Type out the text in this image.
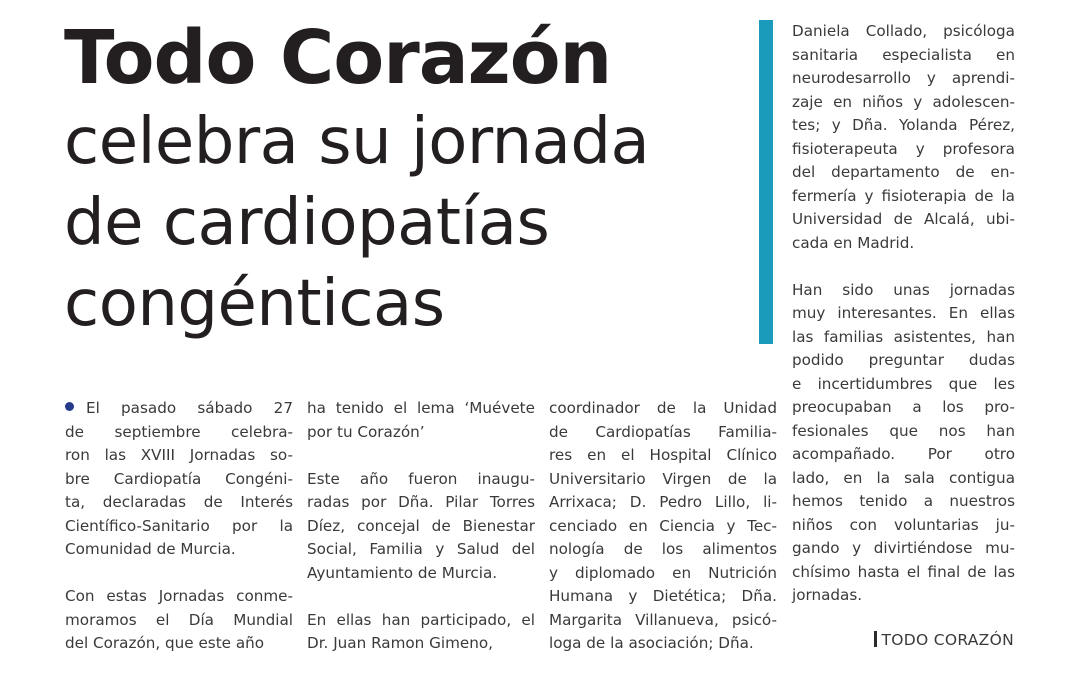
Todo Corazón
celebra su jornada
de cardiopatías
congénticas
El pasado sábado 27
de septiembre celebra-
ron las XVIII Jornadas so-
bre Cardiopatía Congéni-
ta, declaradas de Interés
Científico-Sanitario por la
Comunidad de Murcia.
Con estas Jornadas conme-
moramos el Día Mundial
del Corazón, que este año
ha tenido el lema ‘Muévete
por tu Corazón’
Este año fueron inaugu-
radas por Dña. Pilar Torres
Díez, concejal de Bienestar
Social, Familia y Salud del
Ayuntamiento de Murcia.
En ellas han participado, el
Dr. Juan Ramon Gimeno,
coordinador de la Unidad
de Cardiopatías Familia-
res en el Hospital Clínico
Universitario Virgen de la
Arrixaca; D. Pedro Lillo, li-
cenciado en Ciencia y Tec-
nología de los alimentos
y diplomado en Nutrición
Humana y Dietética; Dña.
Margarita Villanueva, psicó-
loga de la asociación; Dña.
Daniela Collado, psicóloga
sanitaria especialista en
neurodesarrollo y aprendi-
zaje en niños y adolescen-
tes; y Dña. Yolanda Pérez,
fisioterapeuta y profesora
del departamento de en-
fermería y fisioterapia de la
Universidad de Alcalá, ubi-
cada en Madrid.
Han sido unas jornadas
muy interesantes. En ellas
las familias asistentes, han
podido preguntar dudas
e incertidumbres que les
preocupaban a los pro-
fesionales que nos han
acompañado. Por otro
lado, en la sala contigua
hemos tenido a nuestros
niños con voluntarias ju-
gando y divirtiéndose mu-
chísimo hasta el final de las
jornadas.
TODO CORAZÓN
